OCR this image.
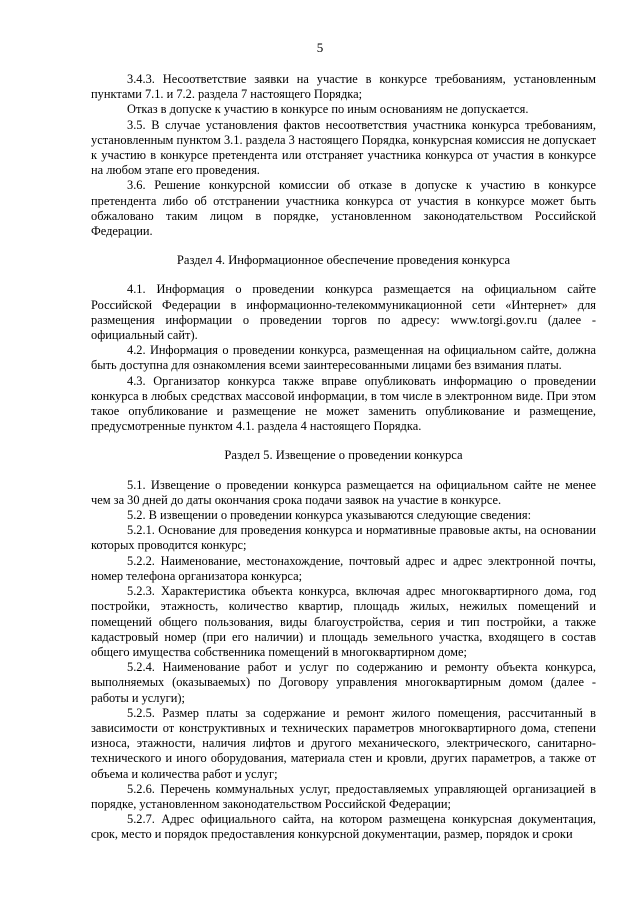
5

3.4.3. Несоответствие заявки на участие в конкурсе требованиям, установленным пунктами 7.1. и 7.2. раздела 7 настоящего Порядка;

Отказ в допуске к участию в конкурсе по иным основаниям не допускается.

3.5. В случае установления фактов несоответствия участника конкурса требованиям, установленным пунктом 3.1. раздела 3 настоящего Порядка, конкурсная комиссия не допускает к участию в конкурсе претендента или отстраняет участника конкурса от участия в конкурсе на любом этапе его проведения.

3.6. Решение конкурсной комиссии об отказе в допуске к участию в конкурсе претендента либо об отстранении участника конкурса от участия в конкурсе может быть обжаловано таким лицом в порядке, установленном законодательством Российской Федерации.

Раздел 4. Информационное обеспечение проведения конкурса

4.1. Информация о проведении конкурса размещается на официальном сайте Российской Федерации в информационно-телекоммуникационной сети «Интернет» для размещения информации о проведении торгов по адресу: www.torgi.gov.ru (далее - официальный сайт).

4.2. Информация о проведении конкурса, размещенная на официальном сайте, должна быть доступна для ознакомления всеми заинтересованными лицами без взимания платы.

4.3. Организатор конкурса также вправе опубликовать информацию о проведении конкурса в любых средствах массовой информации, в том числе в электронном виде. При этом такое опубликование и размещение не может заменить опубликование и размещение, предусмотренные пунктом 4.1. раздела 4 настоящего Порядка.

Раздел 5. Извещение о проведении конкурса

5.1. Извещение о проведении конкурса размещается на официальном сайте не менее чем за 30 дней до даты окончания срока подачи заявок на участие в конкурсе.

5.2. В извещении о проведении конкурса указываются следующие сведения:

5.2.1. Основание для проведения конкурса и нормативные правовые акты, на основании которых проводится конкурс;

5.2.2. Наименование, местонахождение, почтовый адрес и адрес электронной почты, номер телефона организатора конкурса;

5.2.3. Характеристика объекта конкурса, включая адрес многоквартирного дома, год постройки, этажность, количество квартир, площадь жилых, нежилых помещений и помещений общего пользования, виды благоустройства, серия и тип постройки, а также кадастровый номер (при его наличии) и площадь земельного участка, входящего в состав общего имущества собственника помещений в многоквартирном доме;

5.2.4. Наименование работ и услуг по содержанию и ремонту объекта конкурса, выполняемых (оказываемых) по Договору управления многоквартирным домом (далее - работы и услуги);

5.2.5. Размер платы за содержание и ремонт жилого помещения, рассчитанный в зависимости от конструктивных и технических параметров многоквартирного дома, степени износа, этажности, наличия лифтов и другого механического, электрического, санитарно-технического и иного оборудования, материала стен и кровли, других параметров, а также от объема и количества работ и услуг;

5.2.6. Перечень коммунальных услуг, предоставляемых управляющей организацией в порядке, установленном законодательством Российской Федерации;

5.2.7. Адрес официального сайта, на котором размещена конкурсная документация, срок, место и порядок предоставления конкурсной документации, размер, порядок и сроки
